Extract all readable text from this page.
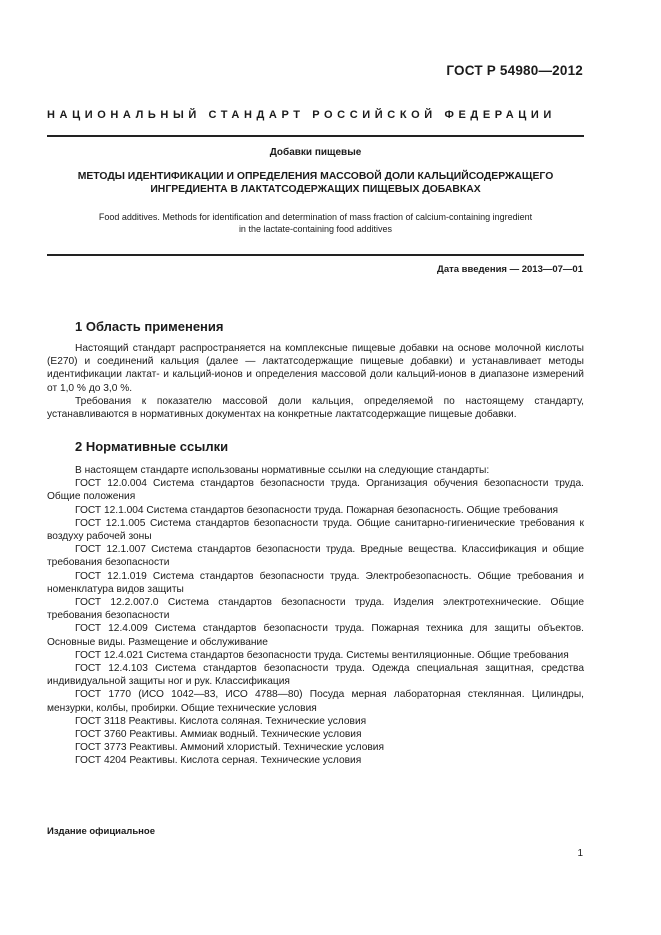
ГОСТ Р 54980—2012
НАЦИОНАЛЬНЫЙ СТАНДАРТ РОССИЙСКОЙ ФЕДЕРАЦИИ
Добавки пищевые
МЕТОДЫ ИДЕНТИФИКАЦИИ И ОПРЕДЕЛЕНИЯ МАССОВОЙ ДОЛИ КАЛЬЦИЙСОДЕРЖАЩЕГО
ИНГРЕДИЕНТА В ЛАКТАТСОДЕРЖАЩИХ ПИЩЕВЫХ ДОБАВКАХ
Food additives. Methods for identification and determination of mass fraction of calcium-containing ingredient
in the lactate-containing food additives
Дата введения — 2013—07—01
1 Область применения

Настоящий стандарт распространяется на комплексные пищевые добавки на основе молочной кислоты (Е270) и соединений кальция (далее — лактатсодержащие пищевые добавки) и устанавливает методы идентификации лактат- и кальций-ионов и определения массовой доли кальций-ионов в диапазоне измерений от 1,0 % до 3,0 %.

Требования к показателю массовой доли кальция, определяемой по настоящему стандарту, устанавливаются в нормативных документах на конкретные лактатсодержащие пищевые добавки.

2 Нормативные ссылки

В настоящем стандарте использованы нормативные ссылки на следующие стандарты:

ГОСТ 12.0.004 Система стандартов безопасности труда. Организация обучения безопасности труда. Общие положения

ГОСТ 12.1.004 Система стандартов безопасности труда. Пожарная безопасность. Общие требования

ГОСТ 12.1.005 Система стандартов безопасности труда. Общие санитарно-гигиенические требования к воздуху рабочей зоны

ГОСТ 12.1.007 Система стандартов безопасности труда. Вредные вещества. Классификация и общие требования безопасности

ГОСТ 12.1.019 Система стандартов безопасности труда. Электробезопасность. Общие требования и номенклатура видов защиты

ГОСТ 12.2.007.0 Система стандартов безопасности труда. Изделия электротехнические. Общие требования безопасности

ГОСТ 12.4.009 Система стандартов безопасности труда. Пожарная техника для защиты объектов. Основные виды. Размещение и обслуживание

ГОСТ 12.4.021 Система стандартов безопасности труда. Системы вентиляционные. Общие требования

ГОСТ 12.4.103 Система стандартов безопасности труда. Одежда специальная защитная, средства индивидуальной защиты ног и рук. Классификация

ГОСТ 1770 (ИСО 1042—83, ИСО 4788—80) Посуда мерная лабораторная стеклянная. Цилиндры, мензурки, колбы, пробирки. Общие технические условия

ГОСТ 3118 Реактивы. Кислота соляная. Технические условия

ГОСТ 3760 Реактивы. Аммиак водный. Технические условия

ГОСТ 3773 Реактивы. Аммоний хлористый. Технические условия

ГОСТ 4204 Реактивы. Кислота серная. Технические условия

Издание официальное
1
